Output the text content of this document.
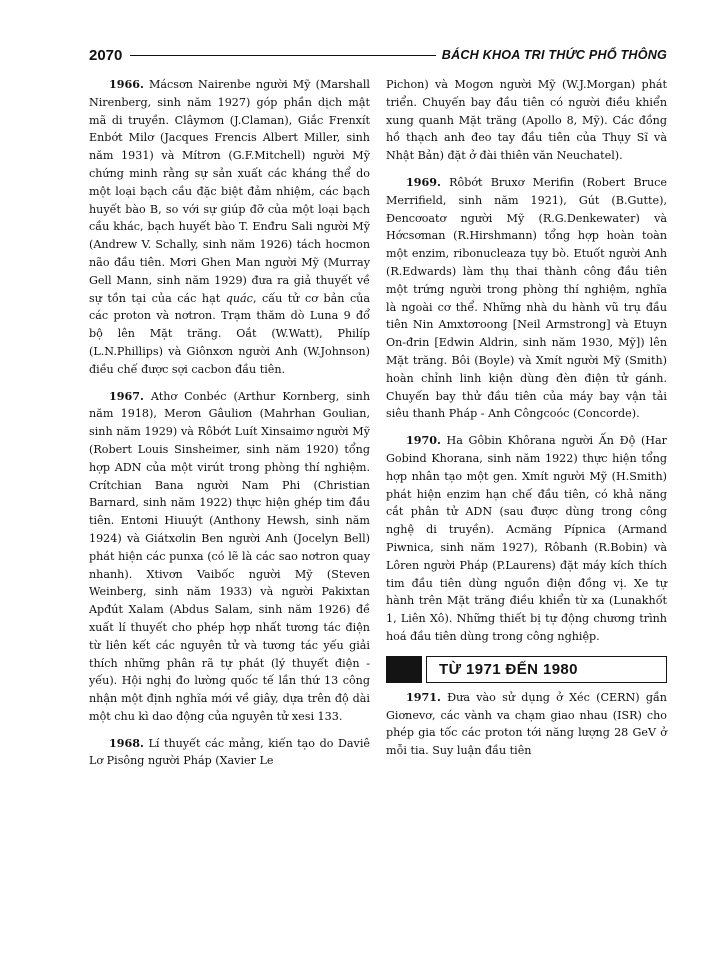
2070	BÁCH KHOA TRI THỨC PHỔ THÔNG

1966. Mácsơn Nairenbe người Mỹ (Marshall Nirenberg, sinh năm 1927) góp phần dịch mật mã di truyền. Clâymơn (J.Claman), Giắc Frenxít Enbớt Milơ (Jacques Frencis Albert Miller, sinh năm 1931) và Mítrơn (G.F.Mitchell) người Mỹ chứng minh rằng sự sản xuất các kháng thể do một loại bạch cầu đặc biệt đảm nhiệm, các bạch huyết bào B, so với sự giúp đỡ của một loại bạch cầu khác, bạch huyết bào T. Enđru Sali người Mỹ (Andrew V. Schally, sinh năm 1926) tách hocmon não đầu tiên. Mơri Ghen Man người Mỹ (Murray Gell Mann, sinh năm 1929) đưa ra giả thuyết về sự tồn tại của các hạt quác, cấu tử cơ bản của các proton và nơtron. Trạm thăm dò Luna 9 đổ bộ lên Mặt trăng. Oắt (W.Watt), Philíp (L.N.Phillips) và Giônxơn người Anh (W.Johnson) điều chế được sợi cacbon đầu tiên.

1967. Athơ Conbéc (Arthur Kornberg, sinh năm 1918), Merơn Gâuliơn (Mahrhan Goulian, sinh năm 1929) và Rôbớt Luít Xinsaimơ người Mỹ (Robert Louis Sinsheimer, sinh năm 1920) tổng hợp ADN của một virút trong phòng thí nghiệm. Crítchian Bana người Nam Phi (Christian Barnard, sinh năm 1922) thực hiện ghép tim đầu tiên. Entơni Hiuuýt (Anthony Hewsh, sinh năm 1924) và Giátxơlin Ben người Anh (Jocelyn Bell) phát hiện các punxa (có lẽ là các sao nơtron quay nhanh). Xtivơn Vaibốc người Mỹ (Steven Weinberg, sinh năm 1933) và người Pakixtan Apđút Xalam (Abdus Salam, sinh năm 1926) đề xuất lí thuyết cho phép hợp nhất tương tác điện từ liên kết các nguyên tử và tương tác yếu giải thích những phân rã tự phát (lý thuyết điện - yếu). Hội nghị đo lường quốc tế lần thứ 13 công nhận một định nghĩa mới về giây, dựa trên độ dài một chu kì dao động của nguyên tử xesi 133.

1968. Lí thuyết các mảng, kiến tạo do Daviê Lơ Pisông người Pháp (Xavier Le

Pichon) và Mogơn người Mỹ (W.J.Morgan) phát triển. Chuyến bay đầu tiên có người điều khiển xung quanh Mặt trăng (Apollo 8, Mỹ). Các đồng hồ thạch anh đeo tay đầu tiên của Thụy Sĩ và Nhật Bản) đặt ở đài thiên văn Neuchatel).

1969. Rôbớt Bruxơ Merifin (Robert Bruce Merrifield, sinh năm 1921), Gút (B.Gutte), Đencơoatơ người Mỹ (R.G.Denkewater) và Hớcsơman (R.Hirshmann) tổng hợp hoàn toàn một enzim, ribonucleaza tụy bò. Etuốt người Anh (R.Edwards) làm thụ thai thành công đầu tiên một trứng người trong phòng thí nghiệm, nghĩa là ngoài cơ thể. Những nhà du hành vũ trụ đầu tiên Nin Amxtơroong [Neil Armstrong] và Etuyn On-đrin [Edwin Aldrin, sinh năm 1930, Mỹ]) lên Mặt trăng. Bôi (Boyle) và Xmít người Mỹ (Smith) hoàn chỉnh linh kiện dùng đèn điện tử gánh. Chuyến bay thử đầu tiên của máy bay vận tải siêu thanh Pháp - Anh Côngcoóc (Concorde).

1970. Ha Gôbin Khôrana người Ấn Độ (Har Gobind Khorana, sinh năm 1922) thực hiện tổng hợp nhân tạo một gen. Xmít người Mỹ (H.Smith) phát hiện enzim hạn chế đầu tiên, có khả năng cắt phân tử ADN (sau được dùng trong công nghệ di truyền). Acmăng Pípnica (Armand Piwnica, sinh năm 1927), Rôbanh (R.Bobin) và Lôren người Pháp (P.Laurens) đặt máy kích thích tim đầu tiên dùng nguồn điện đồng vị. Xe tự hành trên Mặt trăng điều khiển từ xa (Lunakhốt 1, Liên Xô). Những thiết bị tự động chương trình hoá đầu tiên dùng trong công nghiệp.

TỪ 1971 ĐẾN 1980

1971. Đưa vào sử dụng ở Xéc (CERN) gần Giơnevơ, các vành va chạm giao nhau (ISR) cho phép gia tốc các proton tới năng lượng 28 GeV ở mỗi tia. Suy luận đầu tiên
